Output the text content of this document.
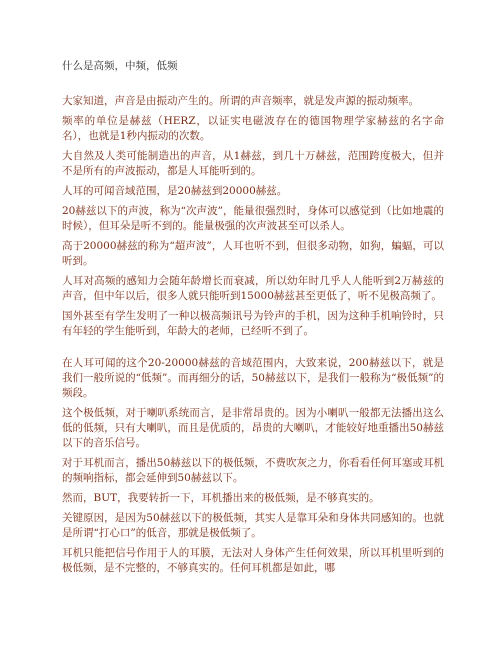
什么是高频，中频，低频

大家知道，声音是由振动产生的。所谓的声音频率，就是发声源的振动频率。

频率的单位是赫兹（HERZ，以证实电磁波存在的德国物理学家赫兹的名字命名），也就是1秒内振动的次数。

大自然及人类可能制造出的声音，从1赫兹，到几十万赫兹，范围跨度极大，但并不是所有的声波振动，都是人耳能听到的。

人耳的可闻音域范围，是20赫兹到20000赫兹。

20赫兹以下的声波，称为“次声波”，能量很强烈时，身体可以感觉到（比如地震的时候），但耳朵是听不到的。能量极强的次声波甚至可以杀人。

高于20000赫兹的称为“超声波”，人耳也听不到，但很多动物，如狗，蝙蝠，可以听到。

人耳对高频的感知力会随年龄增长而衰减，所以幼年时几乎人人能听到2万赫兹的声音，但中年以后，很多人就只能听到15000赫兹甚至更低了，听不见极高频了。

国外甚至有学生发明了一种以极高频讯号为铃声的手机，因为这种手机响铃时，只有年轻的学生能听到，年龄大的老师，已经听不到了。

在人耳可闻的这个20-20000赫兹的音域范围内，大致来说，200赫兹以下，就是我们一般所说的“低频”。而再细分的话，50赫兹以下，是我们一般称为“极低频”的频段。

这个极低频，对于喇叭系统而言，是非常昂贵的。因为小喇叭一般都无法播出这么低的低频，只有大喇叭，而且是优质的，昂贵的大喇叭，才能较好地重播出50赫兹以下的音乐信号。

对于耳机而言，播出50赫兹以下的极低频，不费吹灰之力，你看看任何耳塞或耳机的频响指标，都会延伸到50赫兹以下。

然而，BUT，我要转折一下，耳机播出来的极低频，是不够真实的。

关键原因，是因为50赫兹以下的极低频，其实人是靠耳朵和身体共同感知的。也就是所谓“打心口”的低音，那就是极低频了。

耳机只能把信号作用于人的耳膜，无法对人身体产生任何效果，所以耳机里听到的极低频，是不完整的，不够真实的。任何耳机都是如此，哪
